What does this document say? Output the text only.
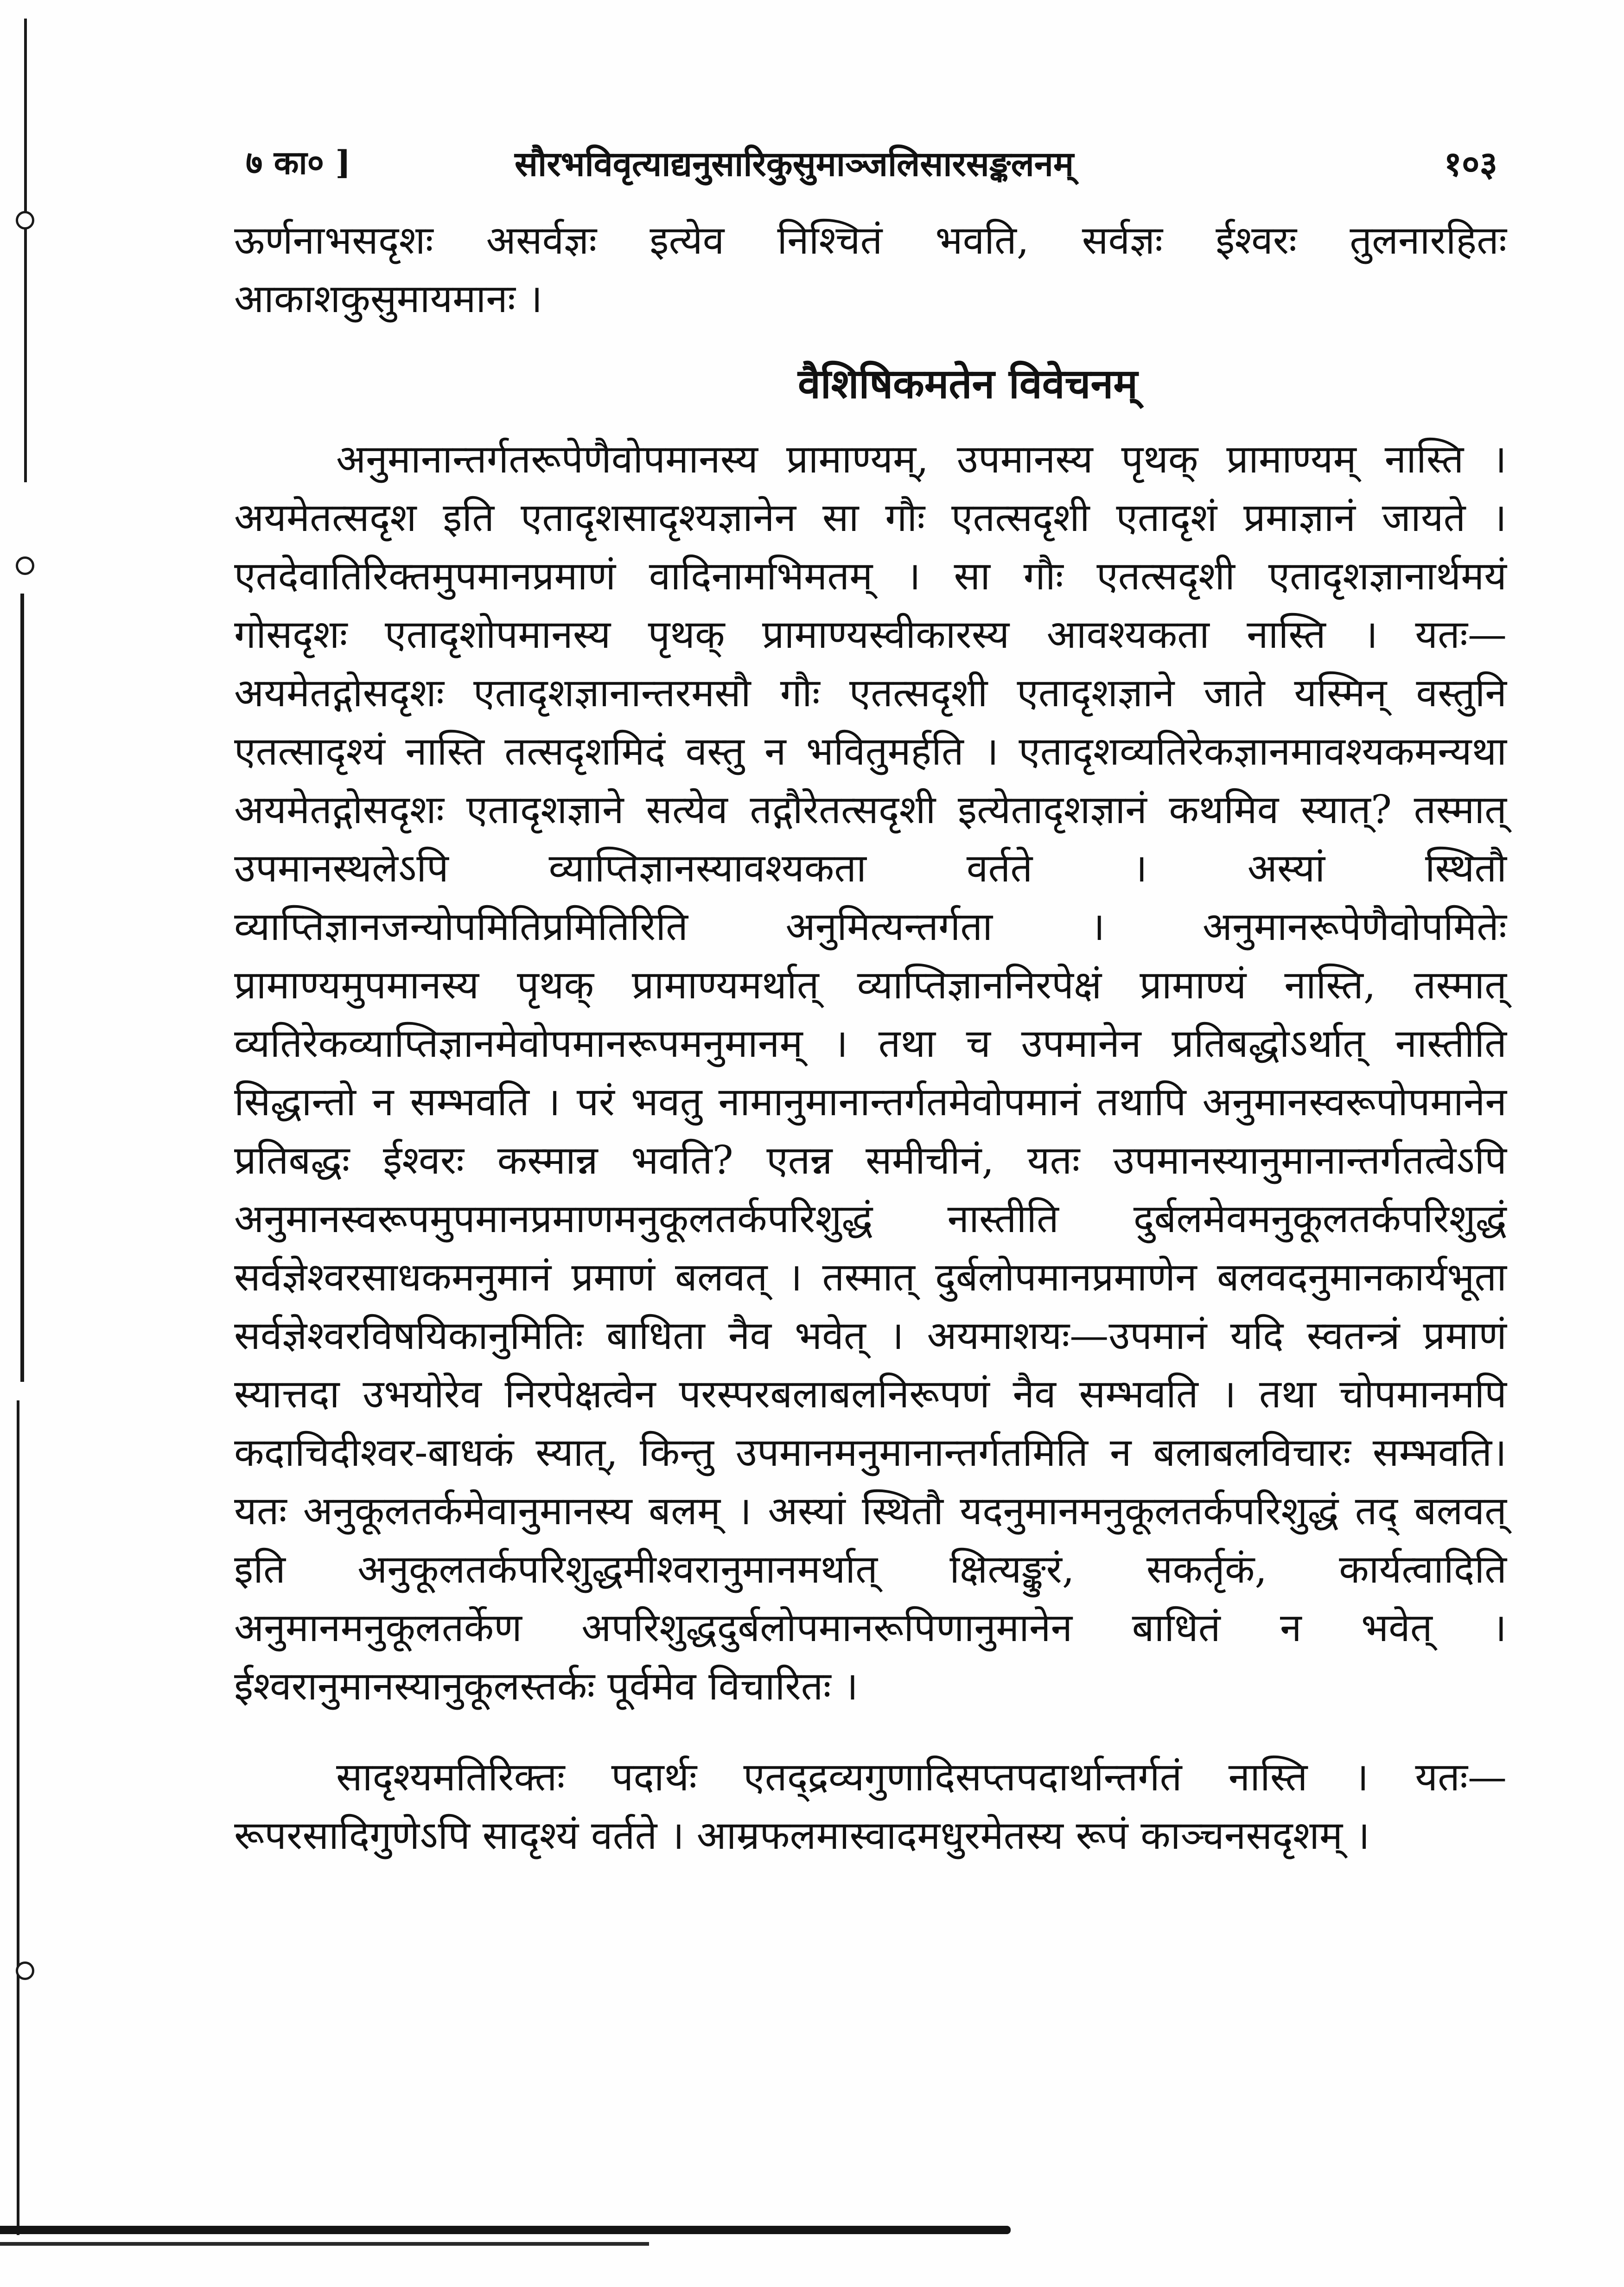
७ का० ]	सौरभविवृत्याद्यनुसारिकुसुमाञ्जलिसारसङ्कलनम्	१०३

ऊर्णनाभसदृशः असर्वज्ञः इत्येव निश्चितं भवति, सर्वज्ञः ईश्वरः तुलनारहितः आकाशकुसुमायमानः ।

वैशिषिकमतेन विवेचनम्

अनुमानान्तर्गतरूपेणैवोपमानस्य प्रामाण्यम्, उपमानस्य पृथक् प्रामाण्यम् नास्ति । अयमेतत्सदृश इति एतादृशसादृश्यज्ञानेन सा गौः एतत्सदृशी एतादृशं प्रमाज्ञानं जायते । एतदेवातिरिक्तमुपमानप्रमाणं वादिनामभिमतम् । सा गौः एतत्सदृशी एतादृशज्ञानार्थमयं गोसदृशः एतादृशोपमानस्य पृथक् प्रामाण्यस्वीकारस्य आवश्यकता नास्ति । यतः—अयमेतद्गोसदृशः एतादृशज्ञानान्तरमसौ गौः एतत्सदृशी एतादृशज्ञाने जाते यस्मिन् वस्तुनि एतत्सादृश्यं नास्ति तत्सदृशमिदं वस्तु न भवितुमर्हति । एतादृशव्यतिरेकज्ञानमावश्यकमन्यथा अयमेतद्गोसदृशः एतादृशज्ञाने सत्येव तद्गौरेतत्सदृशी इत्येतादृशज्ञानं कथमिव स्यात्? तस्मात् उपमानस्थलेऽपि व्याप्तिज्ञानस्यावश्यकता वर्तते । अस्यां स्थितौ व्याप्तिज्ञानजन्योपमितिप्रमितिरिति अनुमित्यन्तर्गता । अनुमानरूपेणैवोपमितेः प्रामाण्यमुपमानस्य पृथक् प्रामाण्यमर्थात् व्याप्तिज्ञाननिरपेक्षं प्रामाण्यं नास्ति, तस्मात् व्यतिरेकव्याप्तिज्ञानमेवोपमानरूपमनुमानम् । तथा च उपमानेन प्रतिबद्धोऽर्थात् नास्तीति सिद्धान्तो न सम्भवति । परं भवतु नामानुमानान्तर्गतमेवोपमानं तथापि अनुमानस्वरूपोपमानेन प्रतिबद्धः ईश्वरः कस्मान्न भवति? एतन्न समीचीनं, यतः उपमानस्यानुमानान्तर्गतत्वेऽपि अनुमानस्वरूपमुपमानप्रमाणमनुकूलतर्कपरिशुद्धं नास्तीति दुर्बलमेवमनुकूलतर्कपरिशुद्धं सर्वज्ञेश्वरसाधकमनुमानं प्रमाणं बलवत् । तस्मात् दुर्बलोपमानप्रमाणेन बलवदनुमानकार्यभूता सर्वज्ञेश्वरविषयिकानुमितिः बाधिता नैव भवेत् । अयमाशयः—उपमानं यदि स्वतन्त्रं प्रमाणं स्यात्तदा उभयोरेव निरपेक्षत्वेन परस्परबलाबलनिरूपणं नैव सम्भवति । तथा चोपमानमपि कदाचिदीश्वर-बाधकं स्यात्, किन्तु उपमानमनुमानान्तर्गतमिति न बलाबलविचारः सम्भवति। यतः अनुकूलतर्कमेवानुमानस्य बलम् । अस्यां स्थितौ यदनुमानमनुकूलतर्कपरिशुद्धं तद् बलवत् इति अनुकूलतर्कपरिशुद्धमीश्वरानुमानमर्थात् क्षित्यङ्कुरं, सकर्तृकं, कार्यत्वादिति अनुमानमनुकूलतर्केण अपरिशुद्धदुर्बलोपमानरूपिणानुमानेन बाधितं न भवेत् । ईश्वरानुमानस्यानुकूलस्तर्कः पूर्वमेव विचारितः ।

सादृश्यमतिरिक्तः पदार्थः एतद्द्रव्यगुणादिसप्तपदार्थान्तर्गतं नास्ति । यतः—रूपरसादिगुणेऽपि सादृश्यं वर्तते । आम्रफलमास्वादमधुरमेतस्य रूपं काञ्चनसदृशम् ।
